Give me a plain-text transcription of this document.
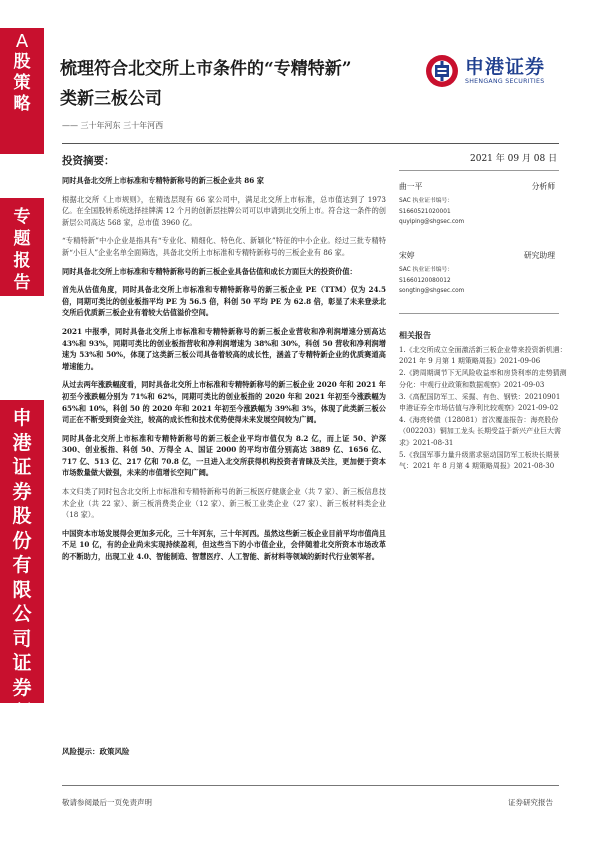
A
股
策
略
专
题
报
告
申
港
证
券
股
份
有
限
公
司
证
券
研
究
报
告
梳理符合北交所上市条件的“专精特新”
类新三板公司
—— 三十年河东 三十年河西
申港证券
SHENGANG SECURITIES
投资摘要：	2021 年 09 月 08 日
同时具备北交所上市标准和专精特新称号的新三板企业共 86 家
根据北交所《上市规则》，在精选层现有 66 家公司中，满足北交所上市标准，总市值达到了 1973 亿。在全国股转系统选择挂牌满 12 个月的创新层挂牌公司可以申请到北交所上市。符合这一条件的创新层公司高达 568 家，总市值 3960 亿。
“专精特新”中小企业是指具有“专业化、精细化、特色化、新颖化”特征的中小企业。经过三批专精特新“小巨人”企业名单全面筛选，具备北交所上市标准和专精特新称号的三板企业有 86 家。
同时具备北交所上市标准和专精特新称号的新三板企业具备估值和成长方面巨大的投资价值：
首先从估值角度，同时具备北交所上市标准和专精特新称号的新三板企业 PE（TTM）仅为 24.5 倍，同期可类比的创业板指平均 PE 为 56.5 倍，科创 50 平均 PE 为 62.8 倍，彰显了未来登录北交所后优质新三板企业有着较大估值溢价空间。
2021 中报季，同时具备北交所上市标准和专精特新称号的新三板企业营收和净利润增速分别高达 43%和 93%，同期可类比的创业板指营收和净利润增速为 38%和 30%，科创 50 营收和净利润增速为 53%和 50%，体现了这类新三板公司具备着较高的成长性，涵盖了专精特新企业的优质赛道高增速能力。
从过去两年涨跌幅度看，同时具备北交所上市标准和专精特新称号的新三板企业 2020 年和 2021 年初至今涨跌幅分别为 71%和 62%，同期可类比的创业板指的 2020 年和 2021 年初至今涨跌幅为 65%和 10%，科创 50 的 2020 年和 2021 年初至今涨跌幅为 39%和 3%，体现了此类新三板公司正在不断受到资金关注，较高的成长性和技术优势使得未来发展空间较为广阔。
同时具备北交所上市标准和专精特新称号的新三板企业平均市值仅为 8.2 亿，而上证 50、沪深 300、创业板指、科创 50、万得全 A、国证 2000 的平均市值分别高达 3889 亿、1656 亿、717 亿、513 亿、217 亿和 70.8 亿，一旦进入北交所获得机构投资者青睐及关注，更加便于资本市场数量做大做强，未来的市值增长空间广阔。
本文归类了同时包含北交所上市标准和专精特新称号的新三板医疗健康企业（共 7 家）、新三板信息技术企业（共 22 家）、新三板消费类企业（12 家）、新三板工业类企业（27 家）、新三板材料类企业（18 家）。
中国资本市场发展得会更加多元化，三十年河东，三十年河西。虽然这些新三板企业目前平均市值尚且不足 10 亿，有的企业尚未实现持续盈利，但这些当下的小市值企业，会伴随着北交所资本市场改革的不断助力，出现工业 4.0、智能制造、智慧医疗、人工智能、新材料等领域的新时代行业领军者。
曲一平	分析师
SAC 执业证书编号：
S1660521020001
quyiping@shgsec.com
宋婷	研究助理
SAC 执业证书编号：
S1660120080012
songting@shgsec.com
相关报告
1.《北交所成立全面激活新三板企业带来投资新机遇：2021 年 9 月第 1 期策略周报》2021-09-06
2.《跨周期调节下无风险收益率和房贷利率的走势猜测分化：中观行业政策和数据观察》2021-09-03
3.《高配国防军工、采掘、有色、钢铁：20210901 申港证券全市场估值与净利比较观察》2021-09-02
4.《海亮转债（128081）首次覆盖报告：海亮股份（002203）铜加工龙头 长期受益于新兴产业巨大需求》2021-08-31
5.《我国军事力量升级需求驱动国防军工板块长期景气：2021 年 8 月第 4 期策略周报》2021-08-30
风险提示：政策风险
敬请参阅最后一页免责声明	证券研究报告
